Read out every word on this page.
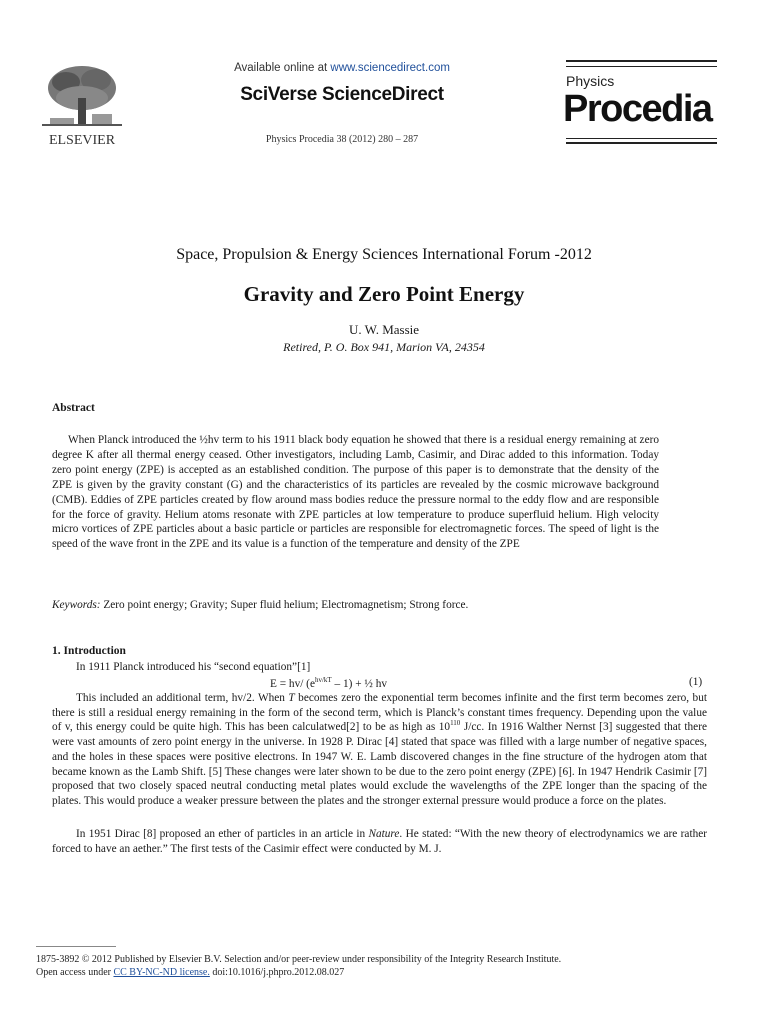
ELSEVIER
Available online at www.sciencedirect.com
SciVerse ScienceDirect
Physics Procedia 38 (2012) 280 – 287
Physics
Procedia
Space, Propulsion & Energy Sciences International Forum -2012
Gravity and Zero Point Energy
U. W. Massie
Retired, P. O. Box 941, Marion VA, 24354
Abstract
When Planck introduced the ½hv term to his 1911 black body equation he showed that there is a residual energy remaining at zero degree K after all thermal energy ceased. Other investigators, including Lamb, Casimir, and Dirac added to this information. Today zero point energy (ZPE) is accepted as an established condition. The purpose of this paper is to demonstrate that the density of the ZPE is given by the gravity constant (G) and the characteristics of its particles are revealed by the cosmic microwave background (CMB). Eddies of ZPE particles created by flow around mass bodies reduce the pressure normal to the eddy flow and are responsible for the force of gravity. Helium atoms resonate with ZPE particles at low temperature to produce superfluid helium. High velocity micro vortices of ZPE particles about a basic particle or particles are responsible for electromagnetic forces. The speed of light is the speed of the wave front in the ZPE and its value is a function of the temperature and density of the ZPE
Keywords: Zero point energy; Gravity; Super fluid helium; Electromagnetism; Strong force.
1. Introduction
In 1911 Planck introduced his “second equation”[1]
E = hv/ $(e^{hv/kT} - 1)$ + ½ hv	(1)
This included an additional term, hv/2. When T becomes zero the exponential term becomes infinite and the first term becomes zero, but there is still a residual energy remaining in the form of the second term, which is Planck’s constant times frequency. Depending upon the value of v, this energy could be quite high. This has been calculatwed[2] to be as high as $10^{110}$ J/cc. In 1916 Walther Nernst [3] suggested that there were vast amounts of zero point energy in the universe. In 1928 P. Dirac [4] stated that space was filled with a large number of negative spaces, and the holes in these spaces were positive electrons. In 1947 W. E. Lamb discovered changes in the fine structure of the hydrogen atom that became known as the Lamb Shift. [5] These changes were later shown to be due to the zero point energy (ZPE) [6]. In 1947 Hendrik Casimir [7] proposed that two closely spaced neutral conducting metal plates would exclude the wavelengths of the ZPE longer than the spacing of the plates. This would produce a weaker pressure between the plates and the stronger external pressure would produce a force on the plates.
In 1951 Dirac [8] proposed an ether of particles in an article in Nature. He stated: “With the new theory of electrodynamics we are rather forced to have an aether.” The first tests of the Casimir effect were conducted by M. J.
1875-3892 © 2012 Published by Elsevier B.V. Selection and/or peer-review under responsibility of the Integrity Research Institute.
Open access under CC BY-NC-ND license. doi:10.1016/j.phpro.2012.08.027
